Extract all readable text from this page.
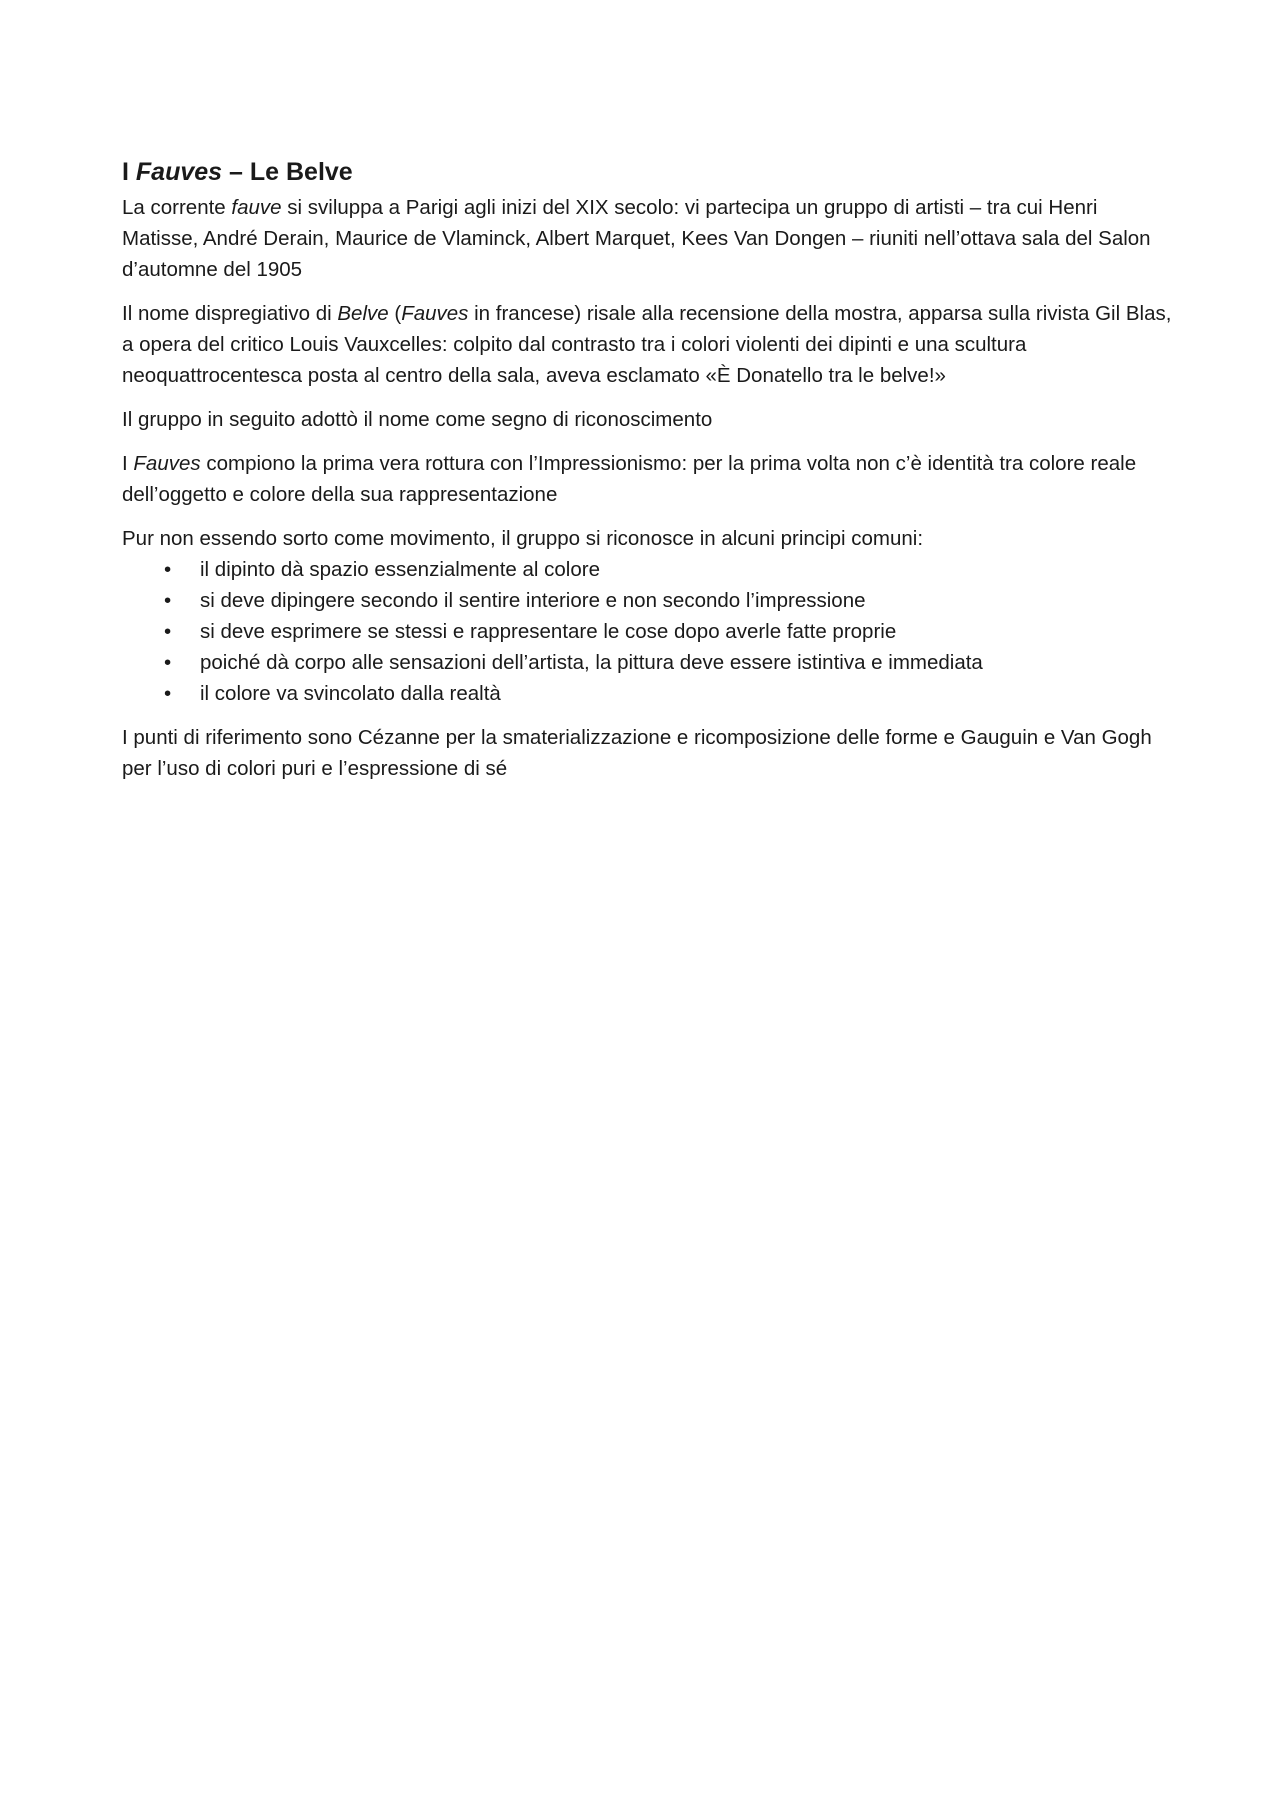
I Fauves – Le Belve

La corrente fauve si sviluppa a Parigi agli inizi del XIX secolo: vi partecipa un gruppo di artisti – tra cui Henri Matisse, André Derain, Maurice de Vlaminck, Albert Marquet, Kees Van Dongen – riuniti nell’ottava sala del Salon d’automne del 1905

Il nome dispregiativo di Belve (Fauves in francese) risale alla recensione della mostra, apparsa sulla rivista Gil Blas, a opera del critico Louis Vauxcelles: colpito dal contrasto tra i colori violenti dei dipinti e una scultura neoquattrocentesca posta al centro della sala, aveva esclamato «È Donatello tra le belve!»

Il gruppo in seguito adottò il nome come segno di riconoscimento

I Fauves compiono la prima vera rottura con l’Impressionismo: per la prima volta non c’è identità tra colore reale dell’oggetto e colore della sua rappresentazione

Pur non essendo sorto come movimento, il gruppo si riconosce in alcuni principi comuni:

• il dipinto dà spazio essenzialmente al colore
• si deve dipingere secondo il sentire interiore e non secondo l’impressione
• si deve esprimere se stessi e rappresentare le cose dopo averle fatte proprie
• poiché dà corpo alle sensazioni dell’artista, la pittura deve essere istintiva e immediata
• il colore va svincolato dalla realtà

I punti di riferimento sono Cézanne per la smaterializzazione e ricomposizione delle forme e Gauguin e Van Gogh per l’uso di colori puri e l’espressione di sé
